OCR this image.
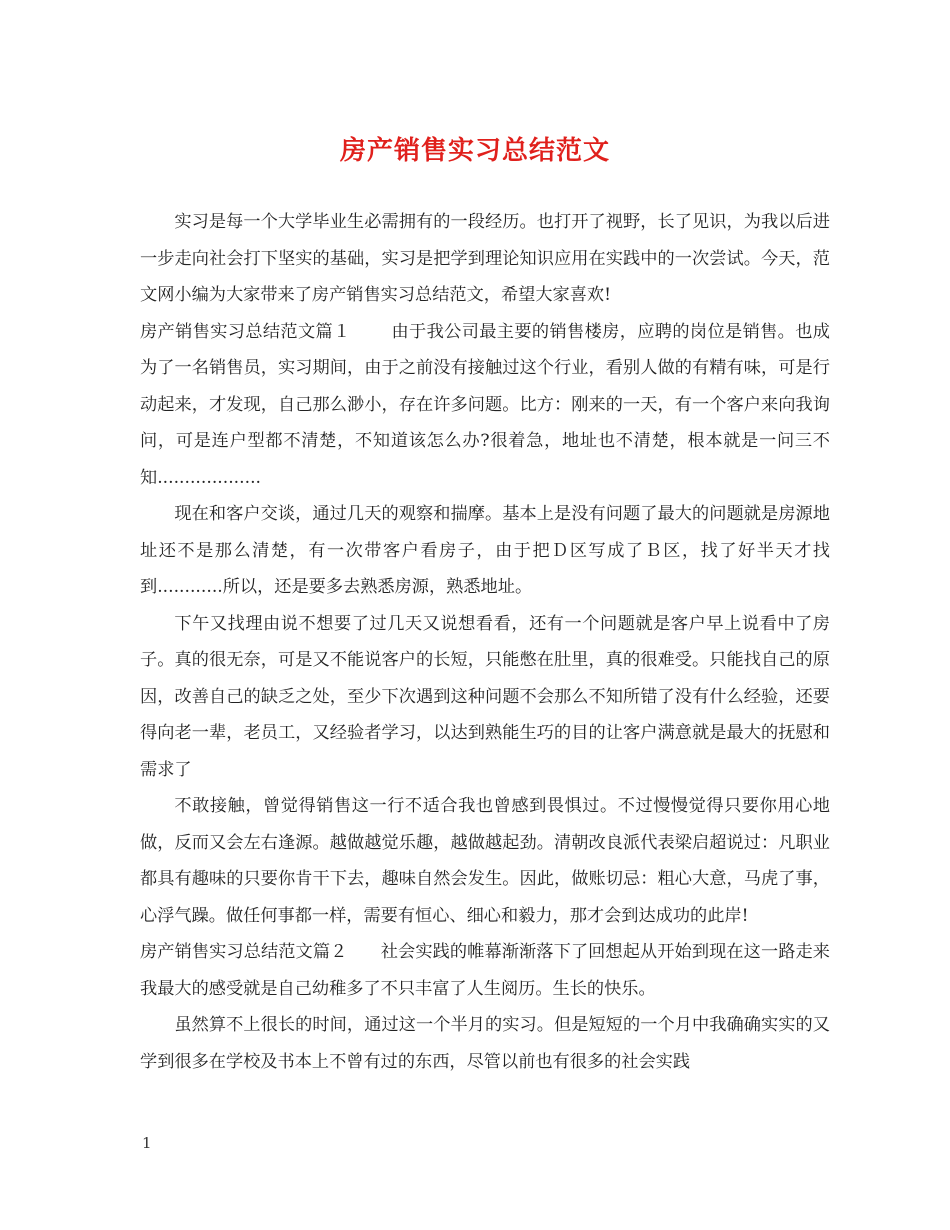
房产销售实习总结范文

实习是每一个大学毕业生必需拥有的一段经历。也打开了视野，长了见识，为我以后进一步走向社会打下坚实的基础，实习是把学到理论知识应用在实践中的一次尝试。今天，范文网小编为大家带来了房产销售实习总结范文，希望大家喜欢!

房产销售实习总结范文篇１ 由于我公司最主要的销售楼房，应聘的岗位是销售。也成为了一名销售员，实习期间，由于之前没有接触过这个行业，看别人做的有精有味，可是行动起来，才发现，自己那么渺小，存在许多问题。比方：刚来的一天，有一个客户来向我询问，可是连户型都不清楚，不知道该怎么办?很着急，地址也不清楚，根本就是一问三不知...................

现在和客户交谈，通过几天的观察和揣摩。基本上是没有问题了最大的问题就是房源地址还不是那么清楚，有一次带客户看房子，由于把Ｄ区写成了Ｂ区，找了好半天才找到............所以，还是要多去熟悉房源，熟悉地址。

下午又找理由说不想要了过几天又说想看看，还有一个问题就是客户早上说看中了房子。真的很无奈，可是又不能说客户的长短，只能憋在肚里，真的很难受。只能找自己的原因，改善自己的缺乏之处，至少下次遇到这种问题不会那么不知所错了没有什么经验，还要得向老一辈，老员工，又经验者学习，以达到熟能生巧的目的让客户满意就是最大的抚慰和需求了

不敢接触，曾觉得销售这一行不适合我也曾感到畏惧过。不过慢慢觉得只要你用心地做，反而又会左右逢源。越做越觉乐趣，越做越起劲。清朝改良派代表梁启超说过：凡职业都具有趣味的只要你肯干下去，趣味自然会发生。因此，做账切忌：粗心大意，马虎了事，心浮气躁。做任何事都一样，需要有恒心、细心和毅力，那才会到达成功的此岸!

房产销售实习总结范文篇２ 社会实践的帷幕渐渐落下了回想起从开始到现在这一路走来我最大的感受就是自己幼稚多了不只丰富了人生阅历。生长的快乐。

虽然算不上很长的时间，通过这一个半月的实习。但是短短的一个月中我确确实实的又学到很多在学校及书本上不曾有过的东西，尽管以前也有很多的社会实践

1
